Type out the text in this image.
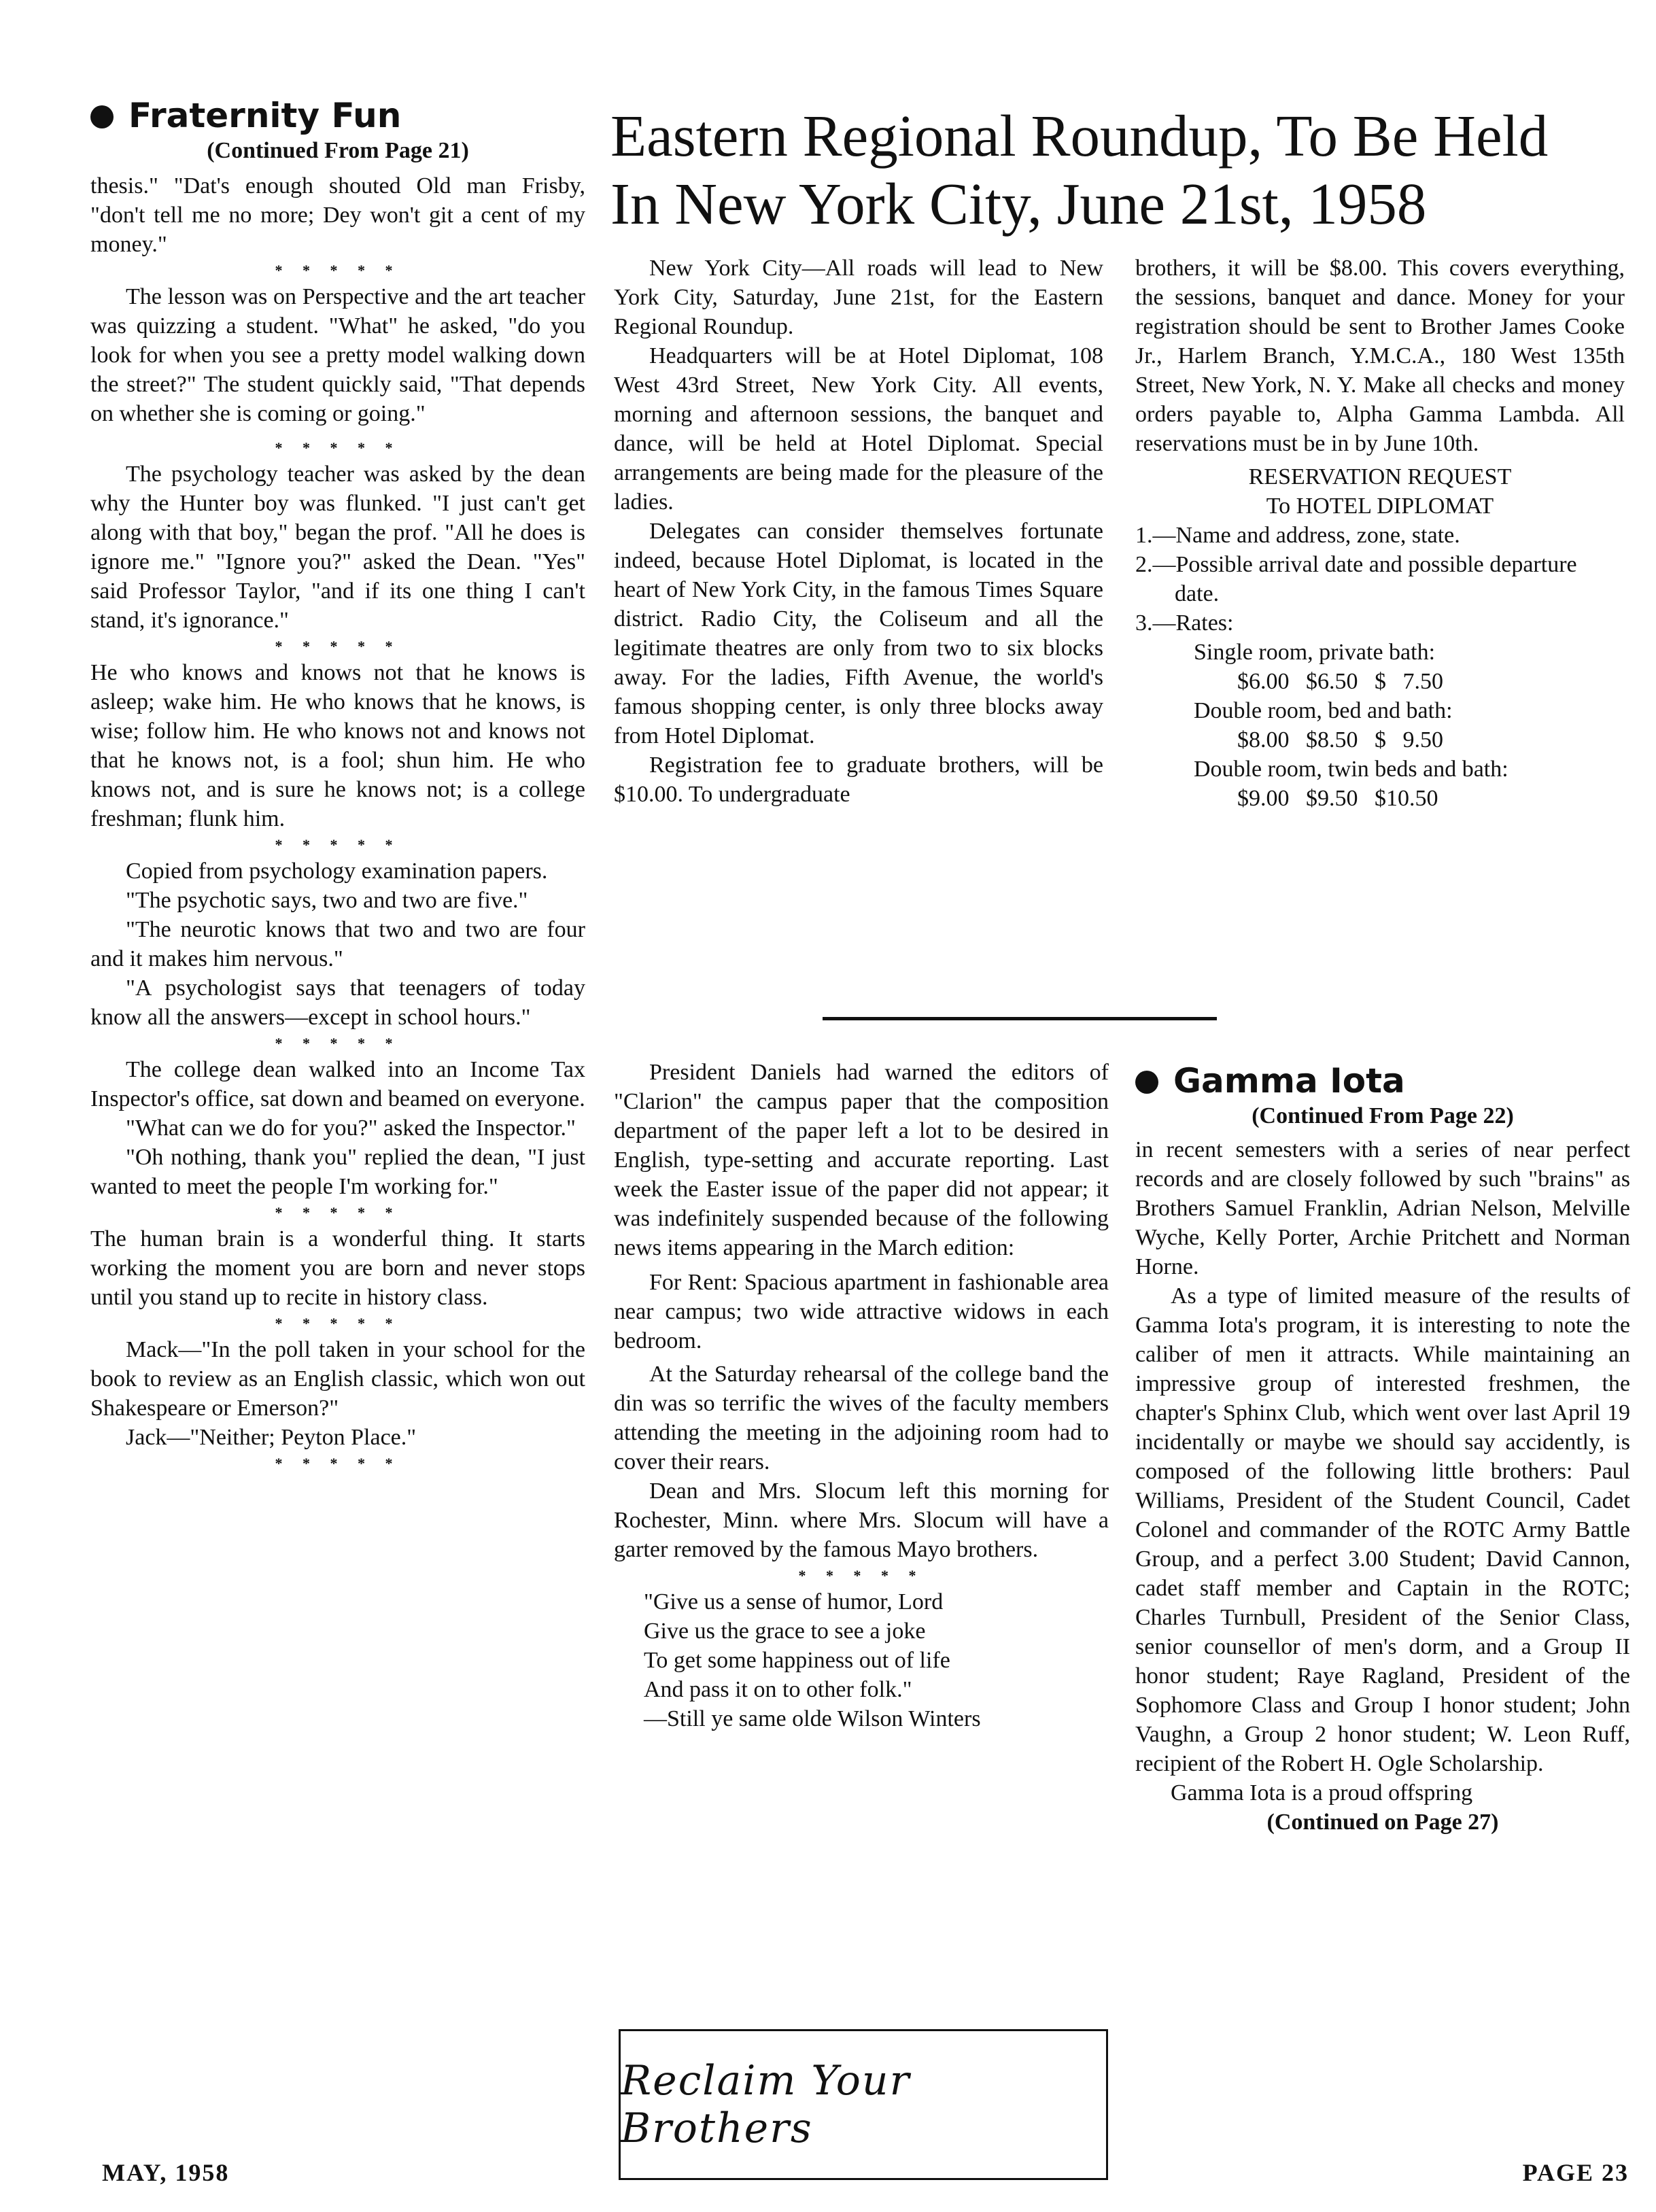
Fraternity Fun

(Continued From Page 21)

thesis." "Dat's enough shouted Old man Frisby, "don't tell me no more; Dey won't git a cent of my money."

* * * * *

The lesson was on Perspective and the art teacher was quizzing a student. "What" he asked, "do you look for when you see a pretty model walking down the street?" The student quickly said, "That depends on whether she is coming or going."

* * * * *

The psychology teacher was asked by the dean why the Hunter boy was flunked. "I just can't get along with that boy," began the prof. "All he does is ignore me." "Ignore you?" asked the Dean. "Yes" said Professor Taylor, "and if its one thing I can't stand, it's ignorance."

* * * * *

He who knows and knows not that he knows is asleep; wake him. He who knows that he knows, is wise; follow him. He who knows not and knows not that he knows not, is a fool; shun him. He who knows not, and is sure he knows not; is a college freshman; flunk him.

* * * * *

Copied from psychology examination papers.

"The psychotic says, two and two are five."

"The neurotic knows that two and two are four and it makes him nervous."

"A psychologist says that teenagers of today know all the answers—except in school hours."

* * * * *

The college dean walked into an Income Tax Inspector's office, sat down and beamed on everyone.

"What can we do for you?" asked the Inspector."

"Oh nothing, thank you" replied the dean, "I just wanted to meet the people I'm working for."

* * * * *

The human brain is a wonderful thing. It starts working the moment you are born and never stops until you stand up to recite in history class.

* * * * *

Mack—"In the poll taken in your school for the book to review as an English classic, which won out Shakespeare or Emerson?"

Jack—"Neither; Peyton Place."

* * * * *

Eastern Regional Roundup, To Be Held

In New York City, June 21st, 1958

New York City—All roads will lead to New York City, Saturday, June 21st, for the Eastern Regional Roundup.

Headquarters will be at Hotel Diplomat, 108 West 43rd Street, New York City. All events, morning and afternoon sessions, the banquet and dance, will be held at Hotel Diplomat. Special arrangements are being made for the pleasure of the ladies.

Delegates can consider themselves fortunate indeed, because Hotel Diplomat, is located in the heart of New York City, in the famous Times Square district. Radio City, the Coliseum and all the legitimate theatres are only from two to six blocks away. For the ladies, Fifth Avenue, the world's famous shopping center, is only three blocks away from Hotel Diplomat.

Registration fee to graduate brothers, will be $10.00. To undergraduate

brothers, it will be $8.00. This covers everything, the sessions, banquet and dance. Money for your registration should be sent to Brother James Cooke Jr., Harlem Branch, Y.M.C.A., 180 West 135th Street, New York, N. Y. Make all checks and money orders payable to, Alpha Gamma Lambda. All reservations must be in by June 10th.

RESERVATION REQUEST

To HOTEL DIPLOMAT

1.—Name and address, zone, state.

2.—Possible arrival date and possible departure date.

3.—Rates:

Single room, private bath:

$6.00 $6.50 $ 7.50

Double room, bed and bath:

$8.00 $8.50 $ 9.50

Double room, twin beds and bath:

$9.00 $9.50 $10.50

President Daniels had warned the editors of "Clarion" the campus paper that the composition department of the paper left a lot to be desired in English, type-setting and accurate reporting. Last week the Easter issue of the paper did not appear; it was indefinitely suspended because of the following news items appearing in the March edition:

For Rent: Spacious apartment in fashionable area near campus; two wide attractive widows in each bedroom.

At the Saturday rehearsal of the college band the din was so terrific the wives of the faculty members attending the meeting in the adjoining room had to cover their rears.

Dean and Mrs. Slocum left this morning for Rochester, Minn. where Mrs. Slocum will have a garter removed by the famous Mayo brothers.

* * * * *

"Give us a sense of humor, Lord

Give us the grace to see a joke

To get some happiness out of life

And pass it on to other folk."

—Still ye same olde Wilson Winters

Reclaim Your Brothers

Gamma Iota

(Continued From Page 22)

in recent semesters with a series of near perfect records and are closely followed by such "brains" as Brothers Samuel Franklin, Adrian Nelson, Melville Wyche, Kelly Porter, Archie Pritchett and Norman Horne.

As a type of limited measure of the results of Gamma Iota's program, it is interesting to note the caliber of men it attracts. While maintaining an impressive group of interested freshmen, the chapter's Sphinx Club, which went over last April 19 incidentally or maybe we should say accidently, is composed of the following little brothers: Paul Williams, President of the Student Council, Cadet Colonel and commander of the ROTC Army Battle Group, and a perfect 3.00 Student; David Cannon, cadet staff member and Captain in the ROTC; Charles Turnbull, President of the Senior Class, senior counsellor of men's dorm, and a Group II honor student; Raye Ragland, President of the Sophomore Class and Group I honor student; John Vaughn, a Group 2 honor student; W. Leon Ruff, recipient of the Robert H. Ogle Scholarship.

Gamma Iota is a proud offspring

(Continued on Page 27)

MAY, 1958	PAGE 23
